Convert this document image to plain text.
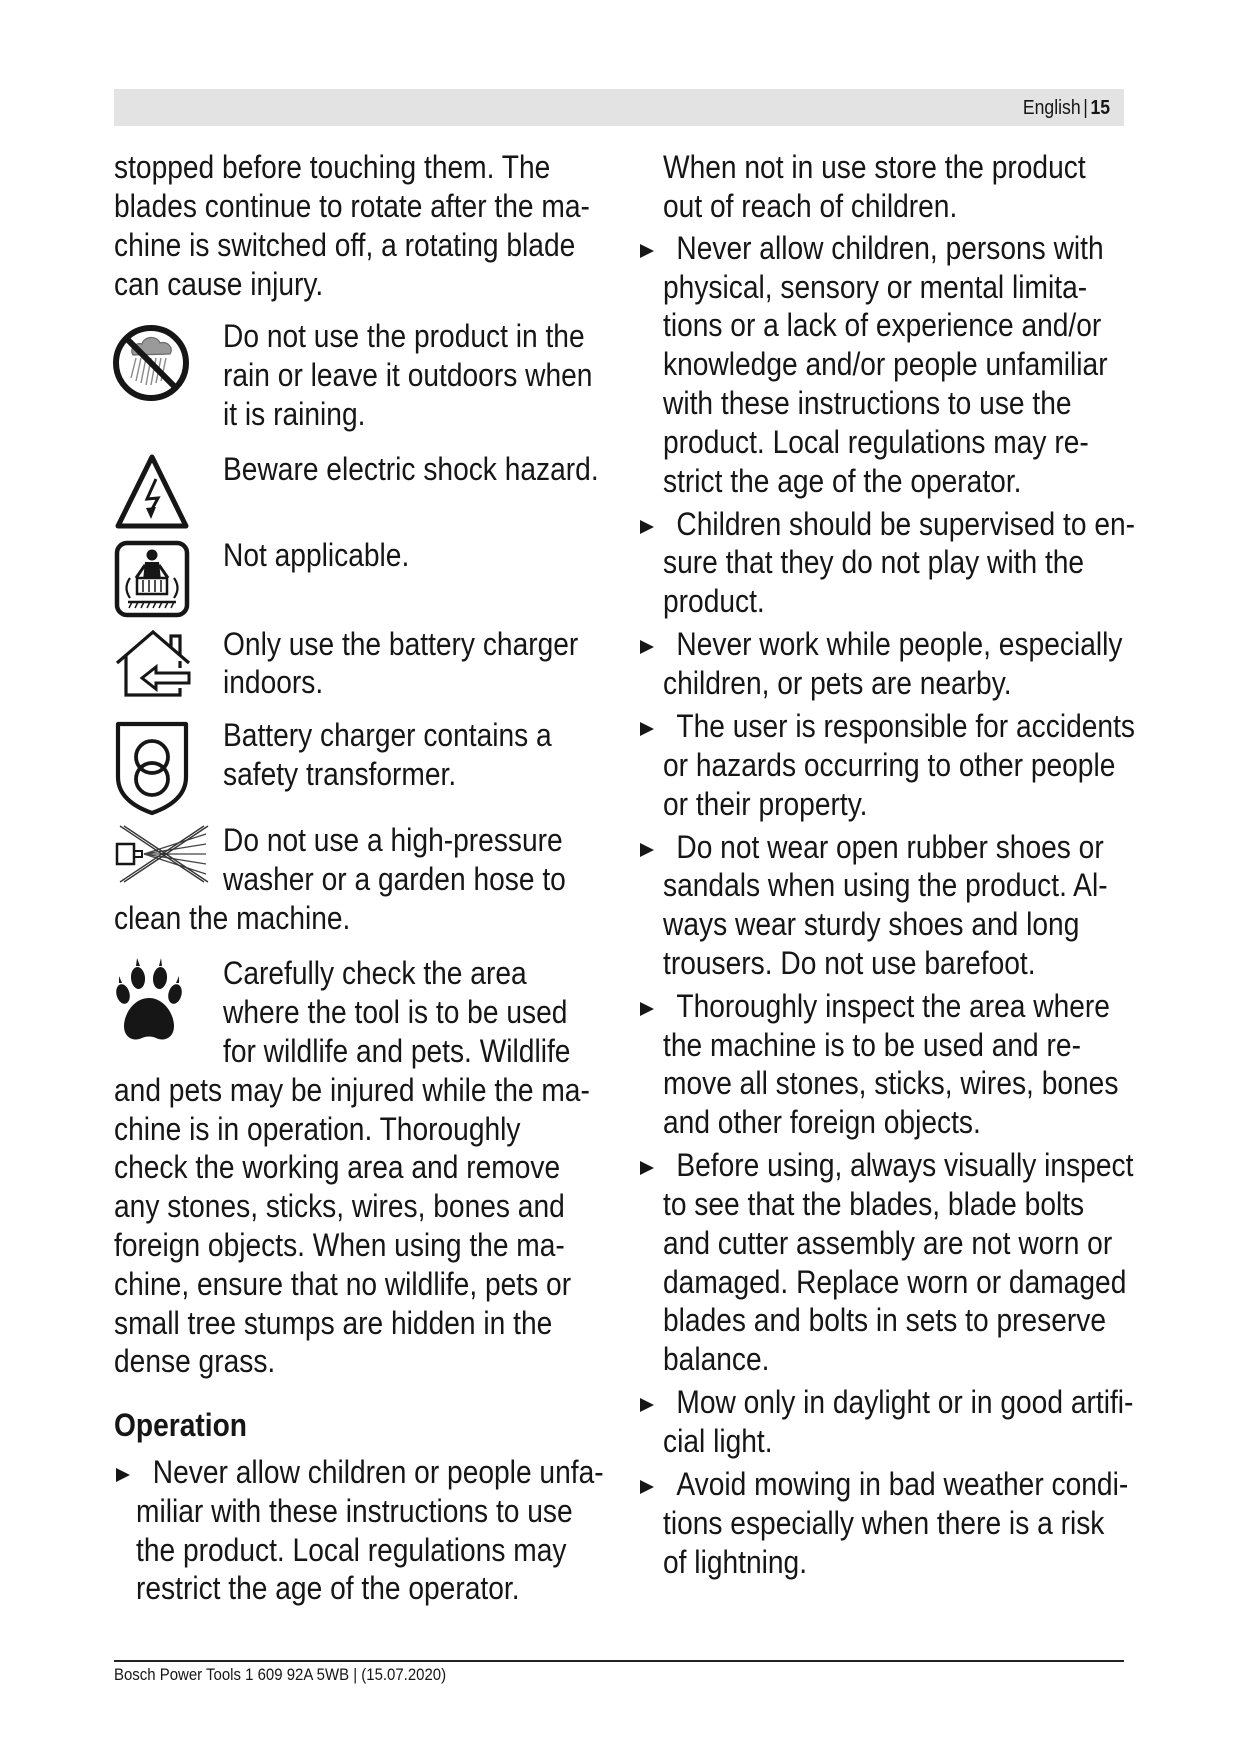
English | 15
stopped before touching them. The
blades continue to rotate after the ma-
chine is switched off, a rotating blade
can cause injury.
Do not use the product in the
rain or leave it outdoors when
it is raining.
Beware electric shock hazard.
Not applicable.
Only use the battery charger
indoors.
Battery charger contains a
safety transformer.
Do not use a high-pressure
washer or a garden hose to
clean the machine.
Carefully check the area
where the tool is to be used
for wildlife and pets. Wildlife
and pets may be injured while the ma-
chine is in operation. Thoroughly
check the working area and remove
any stones, sticks, wires, bones and
foreign objects. When using the ma-
chine, ensure that no wildlife, pets or
small tree stumps are hidden in the
dense grass.
Operation
Never allow children or people unfa-
miliar with these instructions to use
the product. Local regulations may
restrict the age of the operator.
When not in use store the product
out of reach of children.
Never allow children, persons with
physical, sensory or mental limita-
tions or a lack of experience and/or
knowledge and/or people unfamiliar
with these instructions to use the
product. Local regulations may re-
strict the age of the operator.
Children should be supervised to en-
sure that they do not play with the
product.
Never work while people, especially
children, or pets are nearby.
The user is responsible for accidents
or hazards occurring to other people
or their property.
Do not wear open rubber shoes or
sandals when using the product. Al-
ways wear sturdy shoes and long
trousers. Do not use barefoot.
Thoroughly inspect the area where
the machine is to be used and re-
move all stones, sticks, wires, bones
and other foreign objects.
Before using, always visually inspect
to see that the blades, blade bolts
and cutter assembly are not worn or
damaged. Replace worn or damaged
blades and bolts in sets to preserve
balance.
Mow only in daylight or in good artifi-
cial light.
Avoid mowing in bad weather condi-
tions especially when there is a risk
of lightning.
Bosch Power Tools 1 609 92A 5WB | (15.07.2020)
